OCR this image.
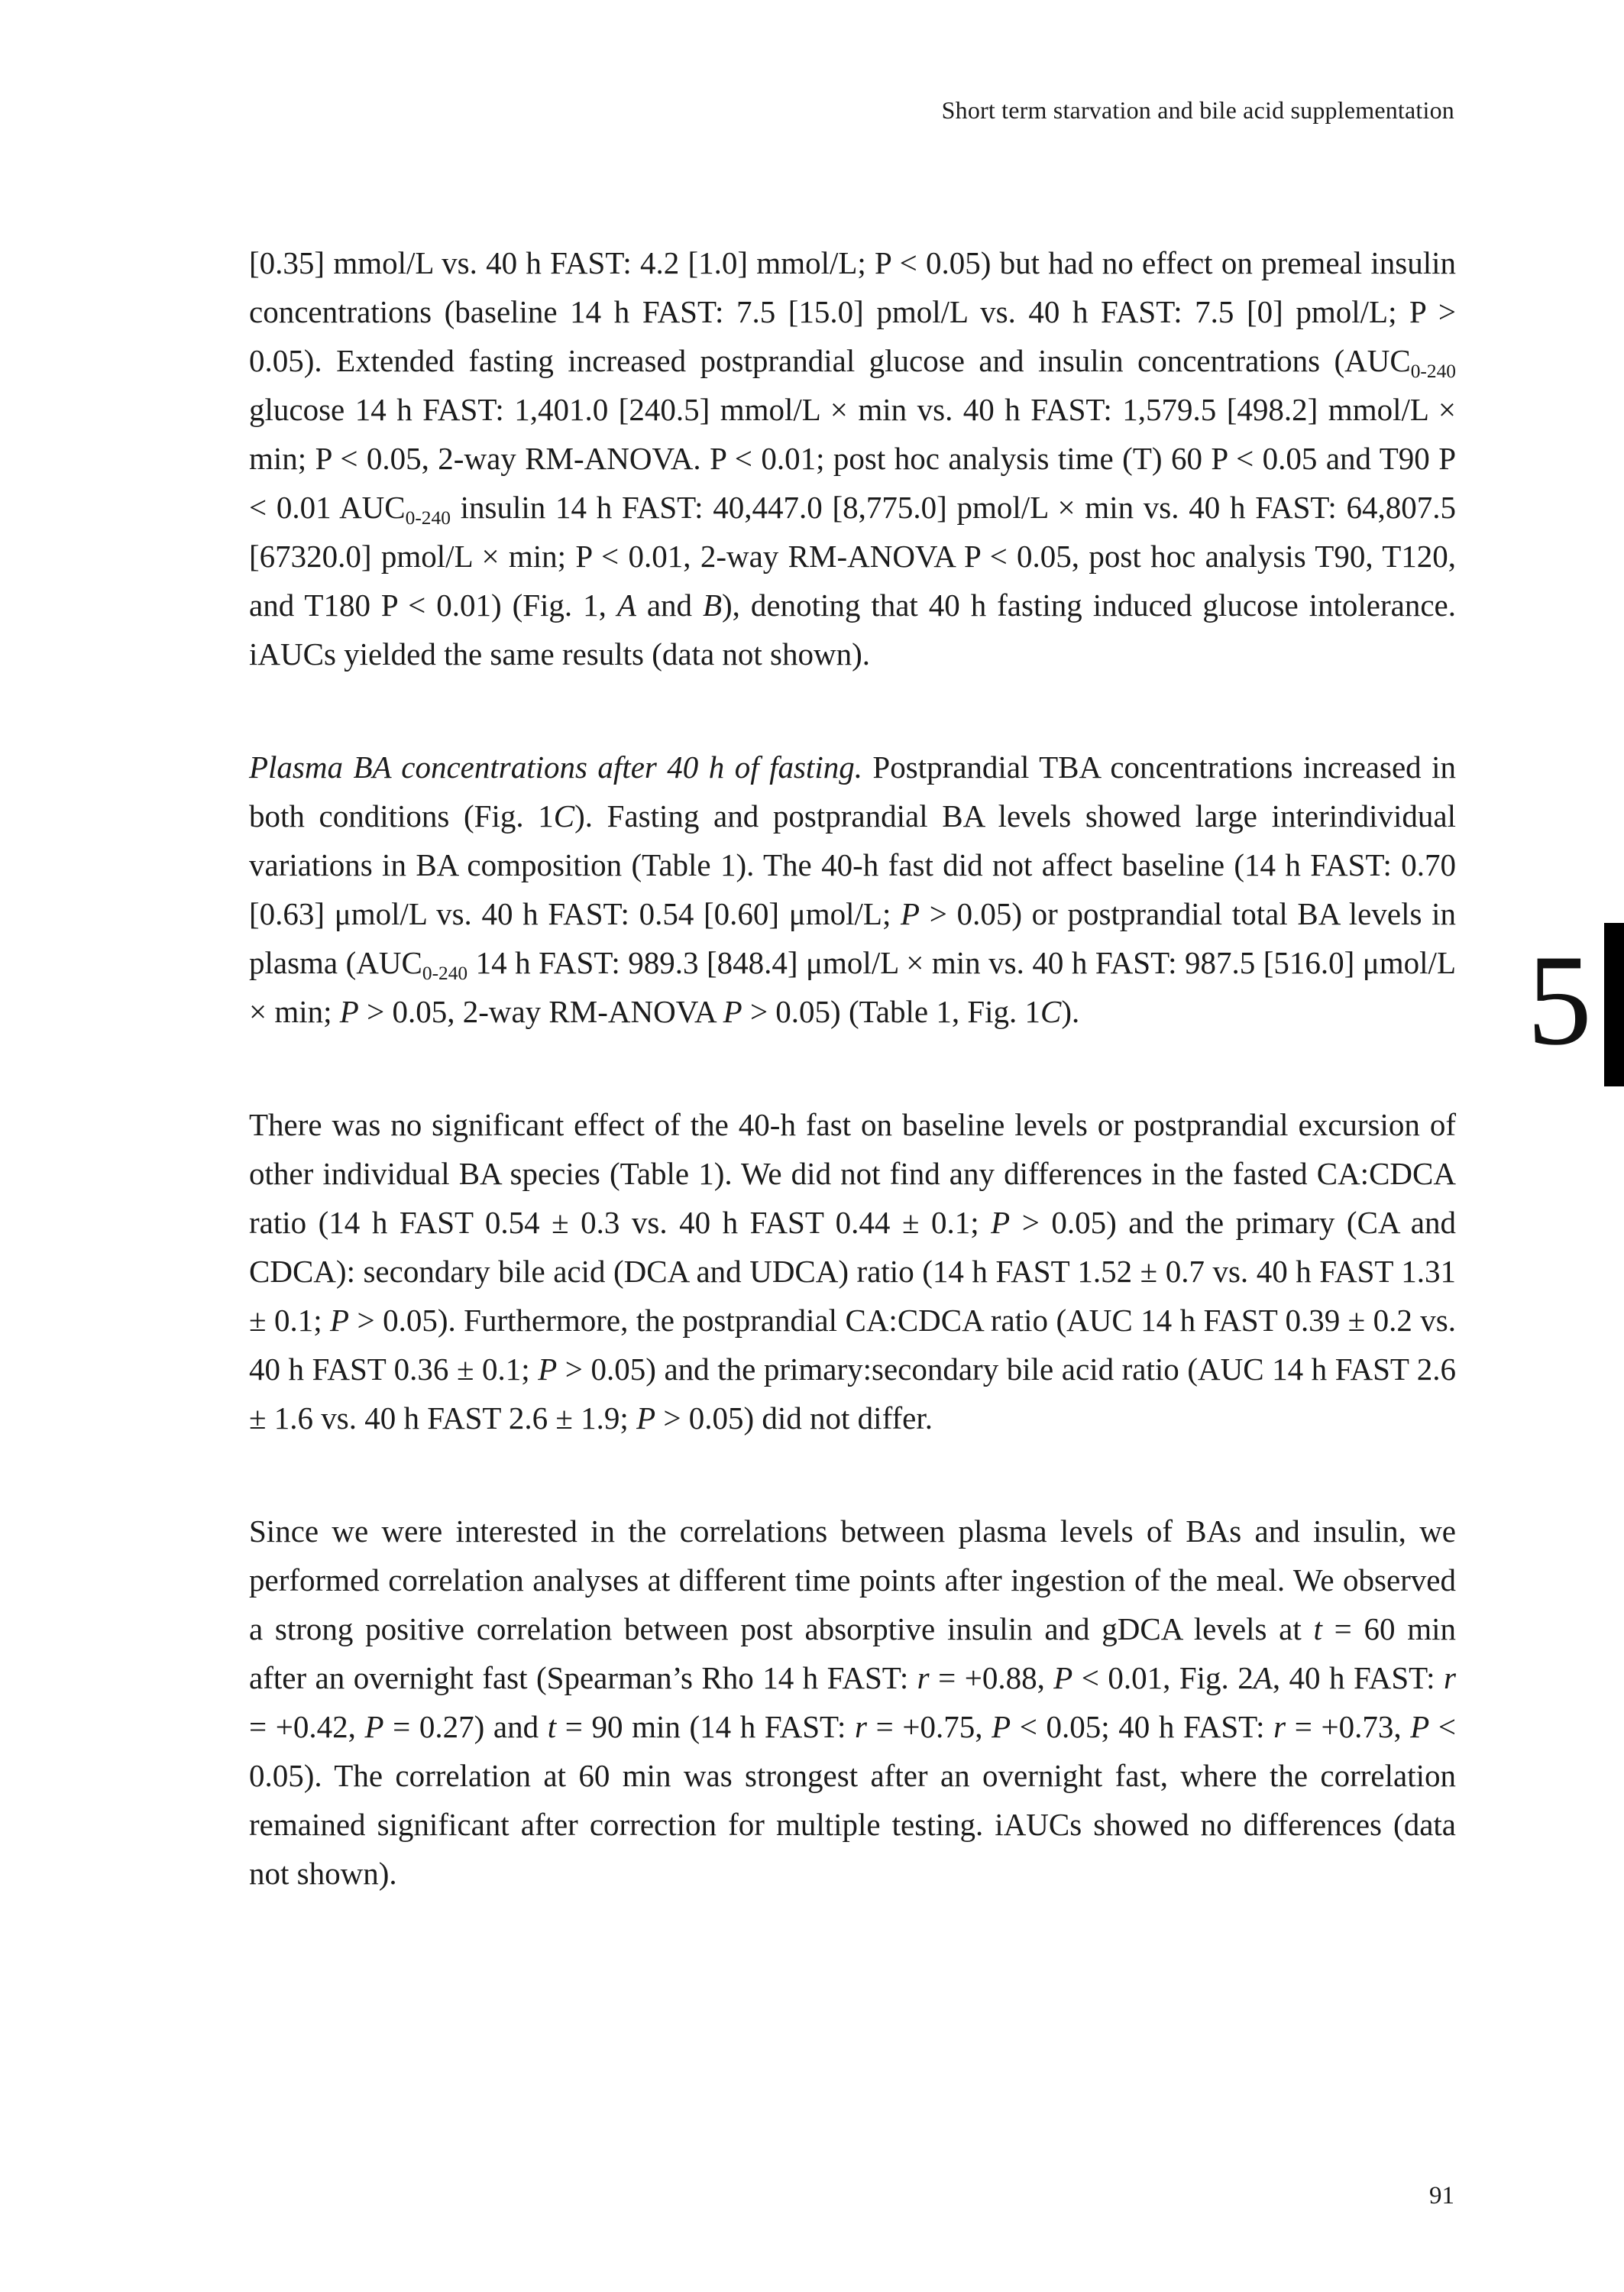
Short term starvation and bile acid supplementation

[0.35] mmol/L vs. 40 h FAST: 4.2 [1.0] mmol/L; P < 0.05) but had no effect on premeal insulin concentrations (baseline 14 h FAST: 7.5 [15.0] pmol/L vs. 40 h FAST: 7.5 [0] pmol/L; P > 0.05). Extended fasting increased postprandial glucose and insulin concentrations (AUC0-240 glucose 14 h FAST: 1,401.0 [240.5] mmol/L × min vs. 40 h FAST: 1,579.5 [498.2] mmol/L × min; P < 0.05, 2-way RM-ANOVA. P < 0.01; post hoc analysis time (T) 60 P < 0.05 and T90 P < 0.01 AUC0-240 insulin 14 h FAST: 40,447.0 [8,775.0] pmol/L × min vs. 40 h FAST: 64,807.5 [67320.0] pmol/L × min; P < 0.01, 2-way RM-ANOVA P < 0.05, post hoc analysis T90, T120, and T180 P < 0.01) (Fig. 1, A and B), denoting that 40 h fasting induced glucose intolerance. iAUCs yielded the same results (data not shown).

Plasma BA concentrations after 40 h of fasting. Postprandial TBA concentrations increased in both conditions (Fig. 1C). Fasting and postprandial BA levels showed large interindividual variations in BA composition (Table 1). The 40-h fast did not affect baseline (14 h FAST: 0.70 [0.63] μmol/L vs. 40 h FAST: 0.54 [0.60] μmol/L; P > 0.05) or postprandial total BA levels in plasma (AUC0-240 14 h FAST: 989.3 [848.4] μmol/L × min vs. 40 h FAST: 987.5 [516.0] μmol/L × min; P > 0.05, 2-way RM-ANOVA P > 0.05) (Table 1, Fig. 1C).

There was no significant effect of the 40-h fast on baseline levels or postprandial excursion of other individual BA species (Table 1). We did not find any differences in the fasted CA:CDCA ratio (14 h FAST 0.54 ± 0.3 vs. 40 h FAST 0.44 ± 0.1; P > 0.05) and the primary (CA and CDCA): secondary bile acid (DCA and UDCA) ratio (14 h FAST 1.52 ± 0.7 vs. 40 h FAST 1.31 ± 0.1; P > 0.05). Furthermore, the postprandial CA:CDCA ratio (AUC 14 h FAST 0.39 ± 0.2 vs. 40 h FAST 0.36 ± 0.1; P > 0.05) and the primary:secondary bile acid ratio (AUC 14 h FAST 2.6 ± 1.6 vs. 40 h FAST 2.6 ± 1.9; P > 0.05) did not differ.

Since we were interested in the correlations between plasma levels of BAs and insulin, we performed correlation analyses at different time points after ingestion of the meal. We observed a strong positive correlation between post absorptive insulin and gDCA levels at t = 60 min after an overnight fast (Spearman’s Rho 14 h FAST: r = +0.88, P < 0.01, Fig. 2A, 40 h FAST: r = +0.42, P = 0.27) and t = 90 min (14 h FAST: r = +0.75, P < 0.05; 40 h FAST: r = +0.73, P < 0.05). The correlation at 60 min was strongest after an overnight fast, where the correlation remained significant after correction for multiple testing. iAUCs showed no differences (data not shown).

5
91
